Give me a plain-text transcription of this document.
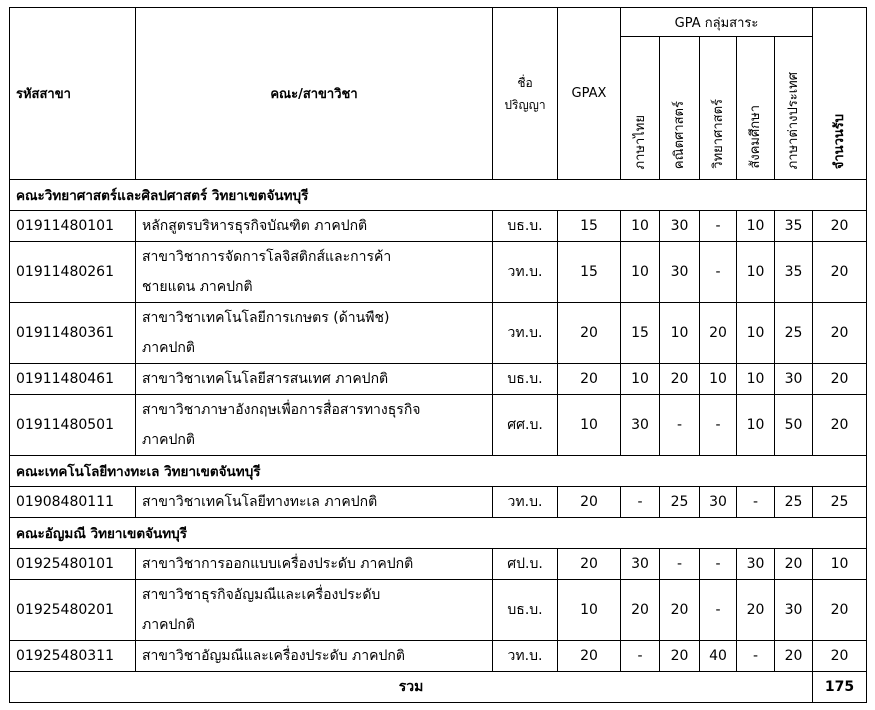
รหัสสาขา	คณะ/สาขาวิชา	ชื่อ
ปริญญา	GPAX	GPA กลุ่มสาระ					จำนวนรับ
				ภาษาไทย	คณิตศาสตร์	วิทยาศาสตร์	สังคมศึกษา	ภาษาต่างประเทศ	
คณะวิทยาศาสตร์และศิลปศาสตร์ วิทยาเขตจันทบุรี									
01911480101	หลักสูตรบริหารธุรกิจบัณฑิต ภาคปกติ	บธ.บ.	15	10	30	-	10	35	20
01911480261	สาขาวิชาการจัดการโลจิสติกส์และการค้า
ชายแดน ภาคปกติ	วท.บ.	15	10	30	-	10	35	20
01911480361	สาขาวิชาเทคโนโลยีการเกษตร (ด้านพืช)
ภาคปกติ	วท.บ.	20	15	10	20	10	25	20
01911480461	สาขาวิชาเทคโนโลยีสารสนเทศ ภาคปกติ	บธ.บ.	20	10	20	10	10	30	20
01911480501	สาขาวิชาภาษาอังกฤษเพื่อการสื่อสารทางธุรกิจ
ภาคปกติ	ศศ.บ.	10	30	-	-	10	50	20
คณะเทคโนโลยีทางทะเล วิทยาเขตจันทบุรี									
01908480111	สาขาวิชาเทคโนโลยีทางทะเล ภาคปกติ	วท.บ.	20	-	25	30	-	25	25
คณะอัญมณี วิทยาเขตจันทบุรี									
01925480101	สาขาวิชาการออกแบบเครื่องประดับ ภาคปกติ	ศป.บ.	20	30	-	-	30	20	10
01925480201	สาขาวิชาธุรกิจอัญมณีและเครื่องประดับ
ภาคปกติ	บธ.บ.	10	20	20	-	20	30	20
01925480311	สาขาวิชาอัญมณีและเครื่องประดับ ภาคปกติ	วท.บ.	20	-	20	40	-	20	20
รวม									175
